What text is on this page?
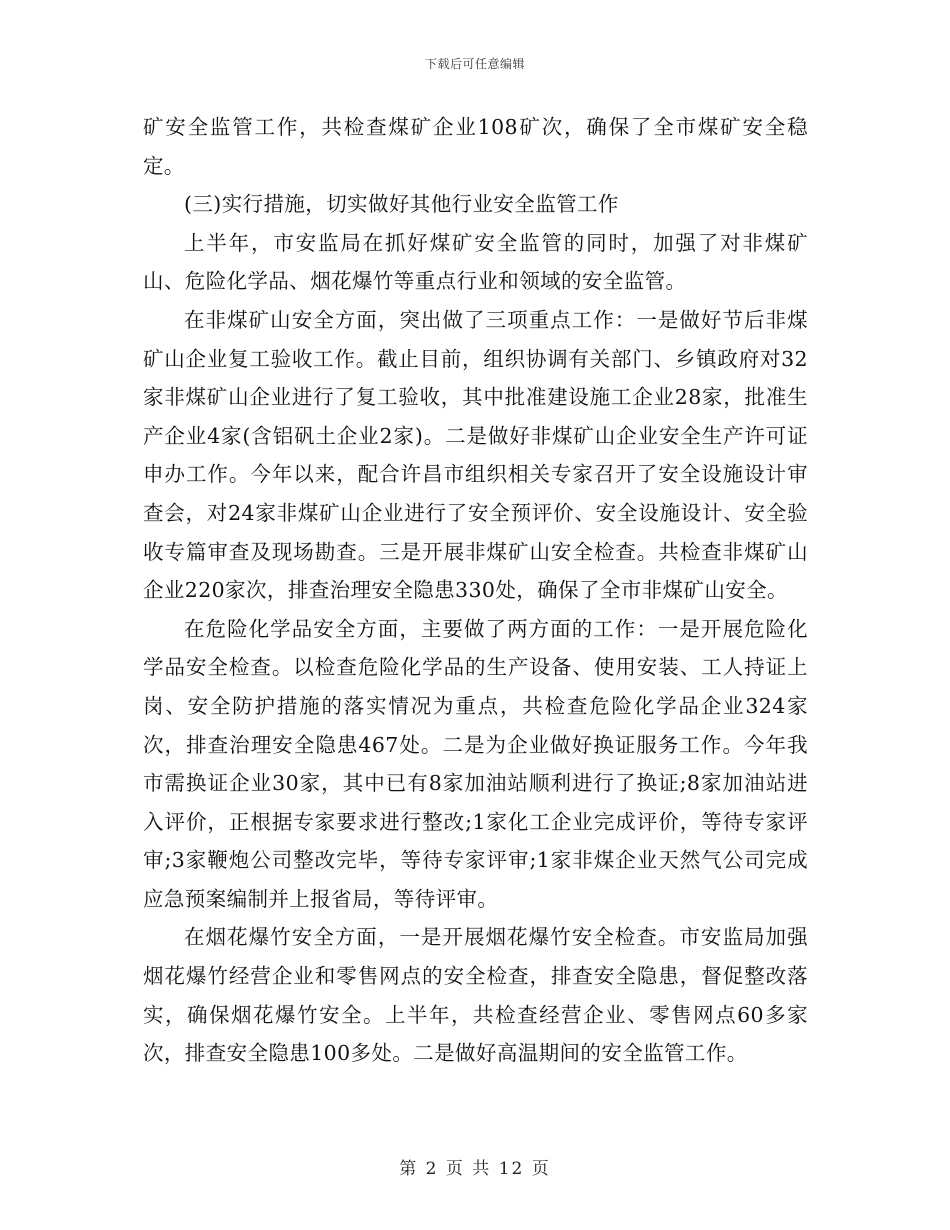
下载后可任意编辑

矿安全监管工作，共检查煤矿企业108矿次，确保了全市煤矿安全稳定。

(三)实行措施，切实做好其他行业安全监管工作

上半年，市安监局在抓好煤矿安全监管的同时，加强了对非煤矿山、危险化学品、烟花爆竹等重点行业和领域的安全监管。

在非煤矿山安全方面，突出做了三项重点工作：一是做好节后非煤矿山企业复工验收工作。截止目前，组织协调有关部门、乡镇政府对32家非煤矿山企业进行了复工验收，其中批准建设施工企业28家，批准生产企业4家(含铝矾土企业2家)。二是做好非煤矿山企业安全生产许可证申办工作。今年以来，配合许昌市组织相关专家召开了安全设施设计审查会，对24家非煤矿山企业进行了安全预评价、安全设施设计、安全验收专篇审查及现场勘查。三是开展非煤矿山安全检查。共检查非煤矿山企业220家次，排查治理安全隐患330处，确保了全市非煤矿山安全。

在危险化学品安全方面，主要做了两方面的工作：一是开展危险化学品安全检查。以检查危险化学品的生产设备、使用安装、工人持证上岗、安全防护措施的落实情况为重点，共检查危险化学品企业324家次，排查治理安全隐患467处。二是为企业做好换证服务工作。今年我市需换证企业30家，其中已有8家加油站顺利进行了换证;8家加油站进入评价，正根据专家要求进行整改;1家化工企业完成评价，等待专家评审;3家鞭炮公司整改完毕，等待专家评审;1家非煤企业天然气公司完成应急预案编制并上报省局，等待评审。

在烟花爆竹安全方面，一是开展烟花爆竹安全检查。市安监局加强烟花爆竹经营企业和零售网点的安全检查，排查安全隐患，督促整改落实，确保烟花爆竹安全。上半年，共检查经营企业、零售网点60多家次，排查安全隐患100多处。二是做好高温期间的安全监管工作。

第 2 页 共 12 页
